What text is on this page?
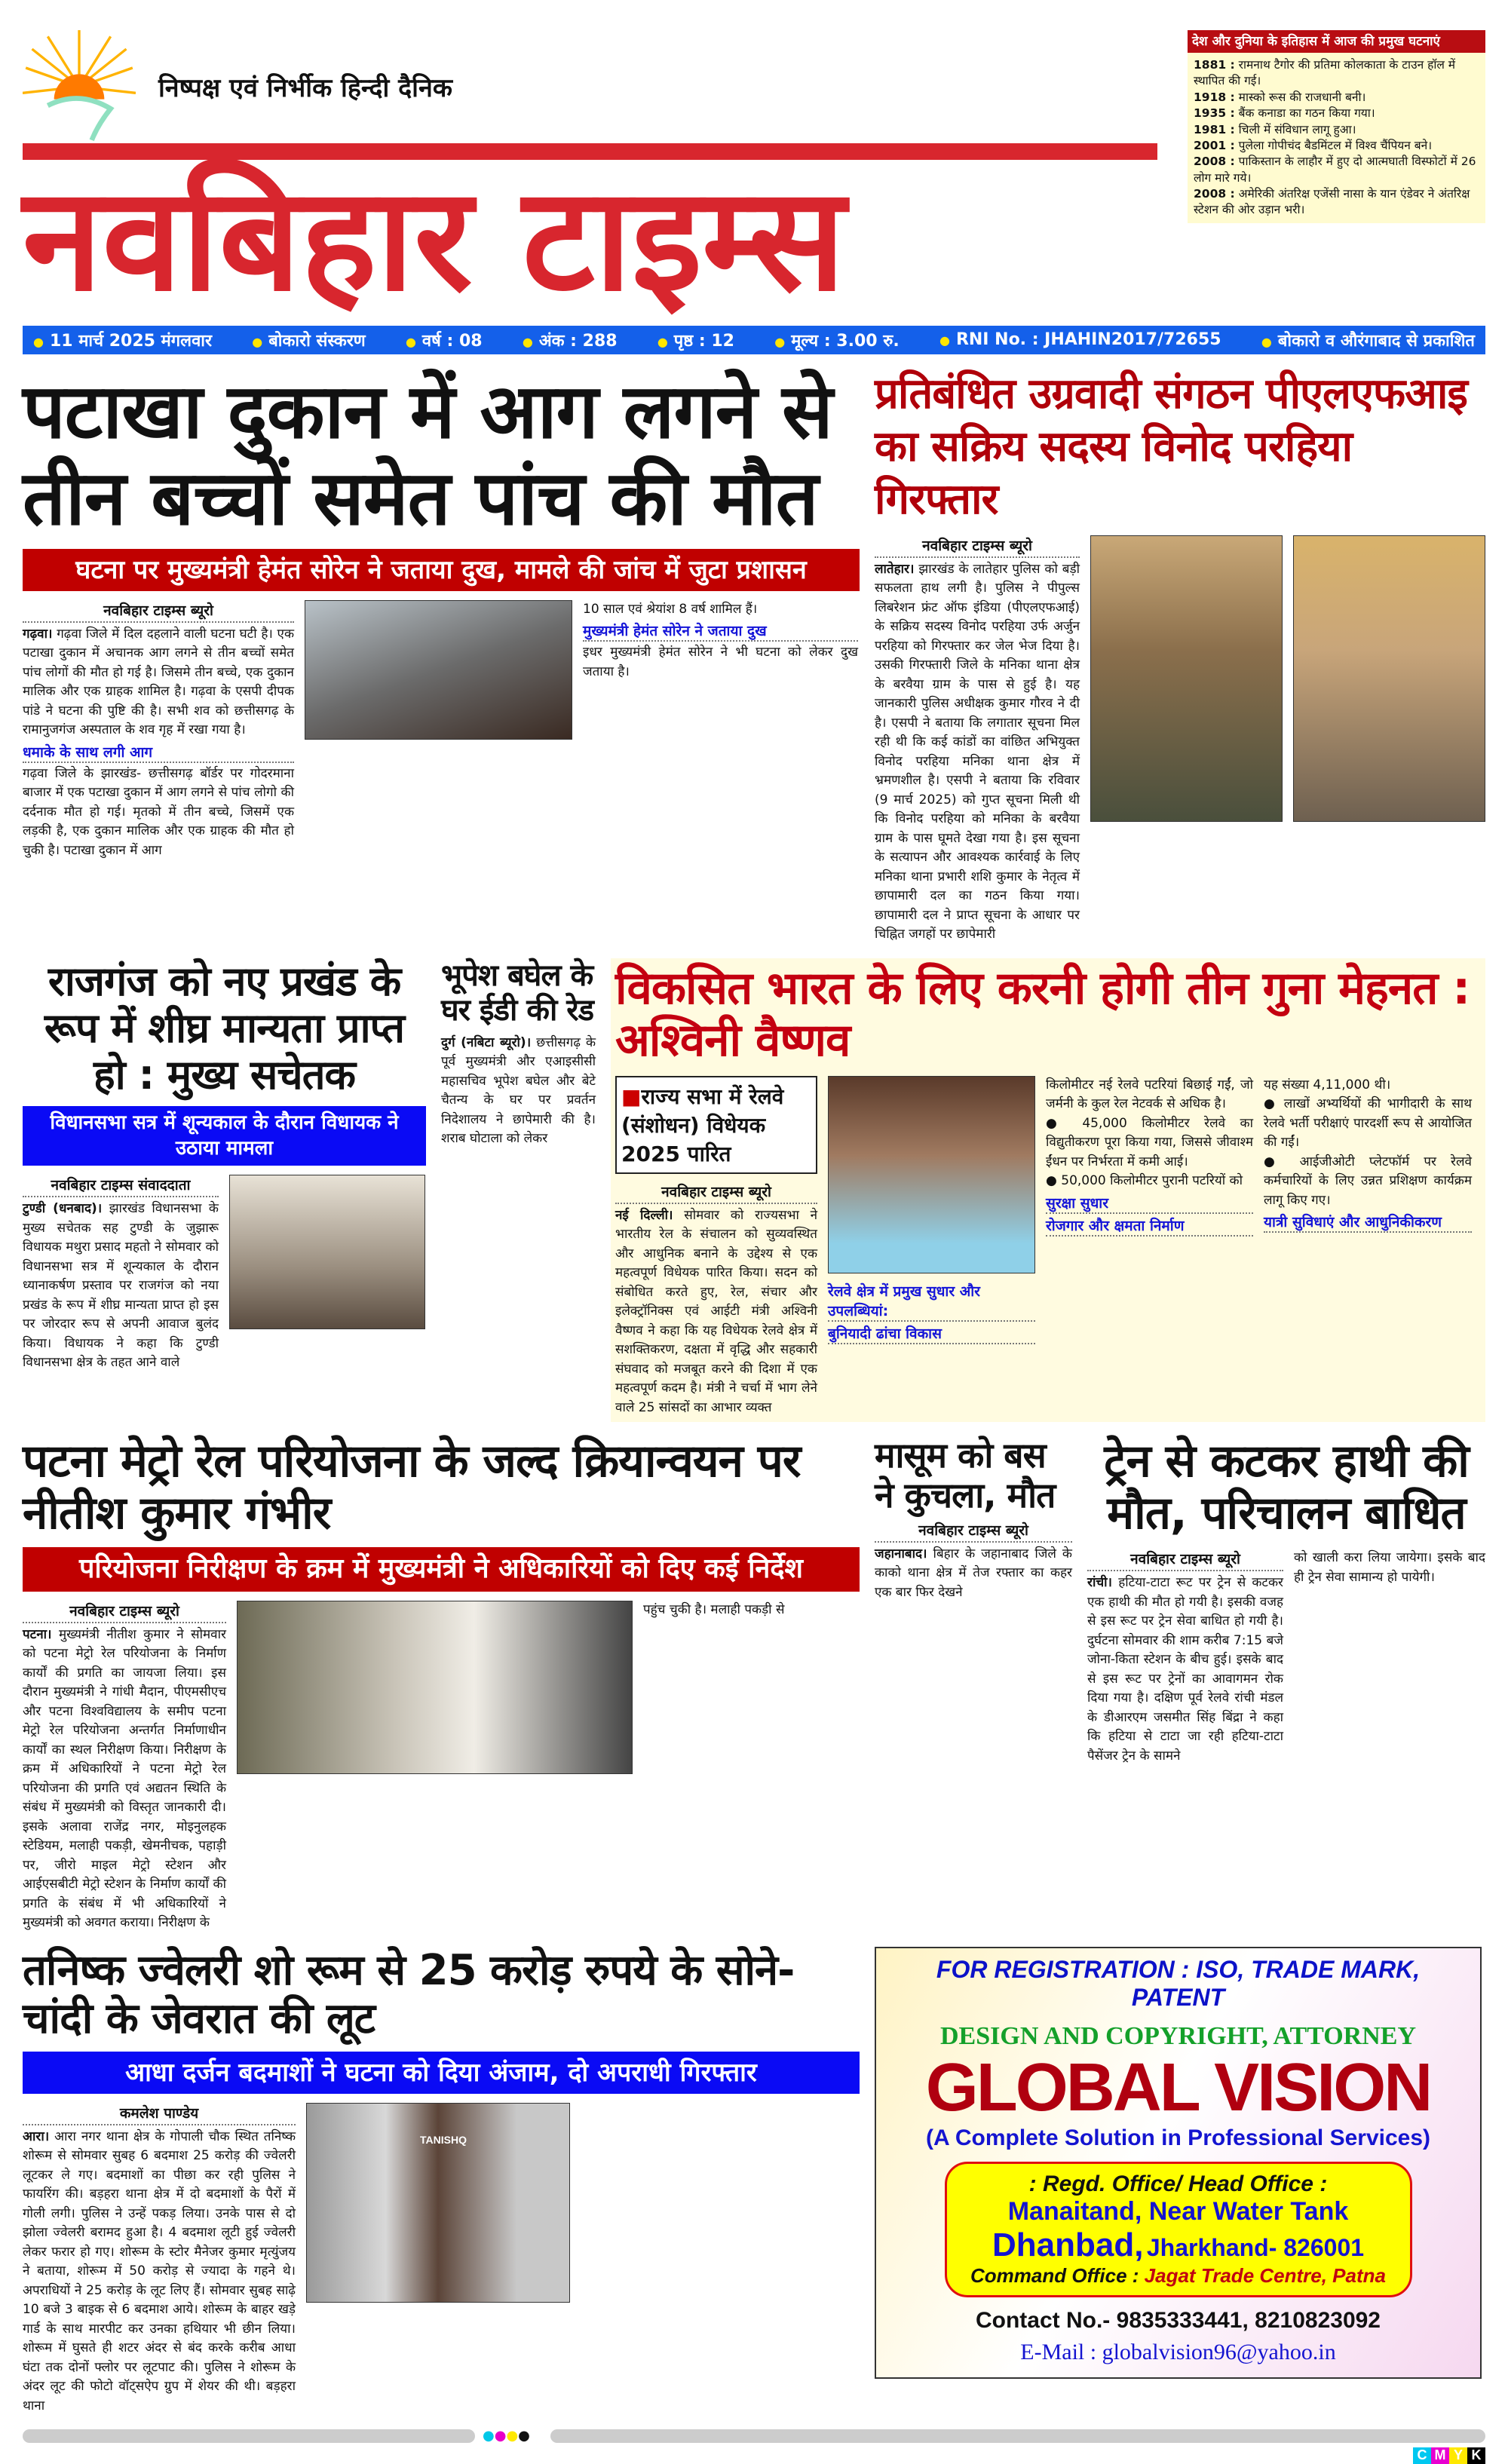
निष्पक्ष एवं निर्भीक हिन्दी दैनिक
नवबिहार टाइम्स
देश और दुनिया के इतिहास में आज की प्रमुख घटनाएं
1881 : रामनाथ टैगोर की प्रतिमा कोलकाता के टाउन हॉल में स्थापित की गई।
1918 : मास्को रूस की राजधानी बनी।
1935 : बैंक कनाडा का गठन किया गया।
1981 : चिली में संविधान लागू हुआ।
2001 : पुलेला गोपीचंद बैडमिंटल में विश्व चैंपियन बने।
2008 : पाकिस्तान के लाहौर में हुए दो आत्मघाती विस्फोटों में 26 लोग मारे गये।
2008 : अमेरिकी अंतरिक्ष एजेंसी नासा के यान एंडेवर ने अंतरिक्ष स्टेशन की ओर उड़ान भरी।
● 11 मार्च 2025 मंगलवार	● बोकारो संस्करण	● वर्ष : 08	● अंक : 288	● पृष्ठ : 12	● मूल्य : 3.00 रु.	● RNI No. : JHAHIN2017/72655	● बोकारो व औरंगाबाद से प्रकाशित
पटाखा दुकान में आग लगने से
तीन बच्चों समेत पांच की मौत
घटना पर मुख्यमंत्री हेमंत सोरेन ने जताया दुख, मामले की जांच में जुटा प्रशासन
नवबिहार टाइम्स ब्यूरो

गढ़वा। गढ़वा जिले में दिल दहलाने वाली घटना घटी है। एक पटाखा दुकान में अचानक आग लगने से तीन बच्चों समेत पांच लोगों की मौत हो गई है। जिसमे तीन बच्चे, एक दुकान मालिक और एक ग्राहक शामिल है। गढ़वा के एसपी दीपक पांडे ने घटना की पुष्टि की है। सभी शव को छत्तीसगढ़ के रामानुजगंज अस्पताल के शव गृह में रखा गया है।

धमाके के साथ लगी आग

गढ़वा जिले के झारखंड- छत्तीसगढ़ बॉर्डर पर गोदरमाना बाजार में एक पटाखा दुकान में आग लगने से पांच लोगो की दर्दनाक मौत हो गई। मृतको में तीन बच्चे, जिसमें एक लड़की है, एक दुकान मालिक और एक ग्राहक की मौत हो चुकी है। पटाखा दुकान में आग

10 साल एवं श्रेयांश 8 वर्ष शामिल हैं।

मुख्यमंत्री हेमंत सोरेन ने जताया दुख

इधर मुख्यमंत्री हेमंत सोरेन ने भी घटना को लेकर दुख जताया है।

प्रतिबंधित उग्रवादी संगठन पीएलएफआइ का सक्रिय सदस्य विनोद परहिया गिरफ्तार
नवबिहार टाइम्स ब्यूरो

लातेहार। झारखंड के लातेहार पुलिस को बड़ी सफलता हाथ लगी है। पुलिस ने पीपुल्स लिबरेशन फ्रंट ऑफ इंडिया (पीएलएफआई) के सक्रिय सदस्य विनोद परहिया उर्फ अर्जुन परहिया को गिरफ्तार कर जेल भेज दिया है। उसकी गिरफ्तारी जिले के मनिका थाना क्षेत्र के बरवैया ग्राम के पास से हुई है। यह जानकारी पुलिस अधीक्षक कुमार गौरव ने दी है। एसपी ने बताया कि लगातार सूचना मिल रही थी कि कई कांडों का वांछित अभियुक्त विनोद परहिया मनिका थाना क्षेत्र में भ्रमणशील है। एसपी ने बताया कि रविवार (9 मार्च 2025) को गुप्त सूचना मिली थी कि विनोद परहिया को मनिका के बरवैया ग्राम के पास घूमते देखा गया है। इस सूचना के सत्यापन और आवश्यक कार्रवाई के लिए मनिका थाना प्रभारी शशि कुमार के नेतृत्व में छापामारी दल का गठन किया गया। छापामारी दल ने प्राप्त सूचना के आधार पर चिह्नित जगहों पर छापेमारी

राजगंज को नए प्रखंड के रूप में शीघ्र मान्यता प्राप्त हो : मुख्य सचेतक
विधानसभा सत्र में शून्यकाल के दौरान विधायक ने उठाया मामला
नवबिहार टाइम्स संवाददाता

टुण्डी (धनबाद)। झारखंड विधानसभा के मुख्य सचेतक सह टुण्डी के जुझारू विधायक मथुरा प्रसाद महतो ने सोमवार को विधानसभा सत्र में शून्यकाल के दौरान ध्यानाकर्षण प्रस्ताव पर राजगंज को नया प्रखंड के रूप में शीघ्र मान्यता प्राप्त हो इस पर जोरदार रूप से अपनी आवाज बुलंद किया। विधायक ने कहा कि टुण्डी विधानसभा क्षेत्र के तहत आने वाले

भूपेश बघेल के घर ईडी की रेड

दुर्ग (नबिटा ब्यूरो)। छत्तीसगढ़ के पूर्व मुख्यमंत्री और एआइसीसी महासचिव भूपेश बघेल और बेटे चैतन्य के घर पर प्रवर्तन निदेशालय ने छापेमारी की है। शराब घोटाला को लेकर

विकसित भारत के लिए करनी होगी तीन गुना मेहनत : अश्विनी वैष्णव
■राज्य सभा में रेलवे (संशोधन) विधेयक 2025 पारित
नवबिहार टाइम्स ब्यूरो

नई दिल्ली। सोमवार को राज्यसभा ने भारतीय रेल के संचालन को सुव्यवस्थित और आधुनिक बनाने के उद्देश्य से एक महत्वपूर्ण विधेयक पारित किया। सदन को संबोधित करते हुए, रेल, संचार और इलेक्ट्रॉनिक्स एवं आईटी मंत्री अश्विनी वैष्णव ने कहा कि यह विधेयक रेलवे क्षेत्र में सशक्तिकरण, दक्षता में वृद्धि और सहकारी संघवाद को मजबूत करने की दिशा में एक महत्वपूर्ण कदम है। मंत्री ने चर्चा में भाग लेने वाले 25 सांसदों का आभार व्यक्त

रेलवे क्षेत्र में प्रमुख सुधार और उपलब्धियां:
बुनियादी ढांचा विकास

किलोमीटर नई रेलवे पटरियां बिछाई गईं, जो जर्मनी के कुल रेल नेटवर्क से अधिक है।

● 45,000 किलोमीटर रेलवे का विद्युतीकरण पूरा किया गया, जिससे जीवाश्म ईंधन पर निर्भरता में कमी आई।

● 50,000 किलोमीटर पुरानी पटरियों को

सुरक्षा सुधार
रोजगार और क्षमता निर्माण

यह संख्या 4,11,000 थी।

● लाखों अभ्यर्थियों की भागीदारी के साथ रेलवे भर्ती परीक्षाएं पारदर्शी रूप से आयोजित की गईं।

● आईजीओटी प्लेटफॉर्म पर रेलवे कर्मचारियों के लिए उन्नत प्रशिक्षण कार्यक्रम लागू किए गए।

यात्री सुविधाएं और आधुनिकीकरण
पटना मेट्रो रेल परियोजना के जल्द क्रियान्वयन पर नीतीश कुमार गंभीर
परियोजना निरीक्षण के क्रम में मुख्यमंत्री ने अधिकारियों को दिए कई निर्देश
नवबिहार टाइम्स ब्यूरो

पटना। मुख्यमंत्री नीतीश कुमार ने सोमवार को पटना मेट्रो रेल परियोजना के निर्माण कार्यों की प्रगति का जायजा लिया। इस दौरान मुख्यमंत्री ने गांधी मैदान, पीएमसीएच और पटना विश्वविद्यालय के समीप पटना मेट्रो रेल परियोजना अन्तर्गत निर्माणाधीन कार्यों का स्थल निरीक्षण किया। निरीक्षण के क्रम में अधिकारियों ने पटना मेट्रो रेल परियोजना की प्रगति एवं अद्यतन स्थिति के संबंध में मुख्यमंत्री को विस्तृत जानकारी दी। इसके अलावा राजेंद्र नगर, मोइनुलहक स्टेडियम, मलाही पकड़ी, खेमनीचक, पहाड़ी पर, जीरो माइल मेट्रो स्टेशन और आईएसबीटी मेट्रो स्टेशन के निर्माण कार्यों की प्रगति के संबंध में भी अधिकारियों ने मुख्यमंत्री को अवगत कराया। निरीक्षण के

पहुंच चुकी है। मलाही पकड़ी से

मासूम को बस ने कुचला, मौत
नवबिहार टाइम्स ब्यूरो

जहानाबाद। बिहार के जहानाबाद जिले के काको थाना क्षेत्र में तेज रफ्तार का कहर एक बार फिर देखने

ट्रेन से कटकर हाथी की मौत, परिचालन बाधित
नवबिहार टाइम्स ब्यूरो

रांची। हटिया-टाटा रूट पर ट्रेन से कटकर एक हाथी की मौत हो गयी है। इसकी वजह से इस रूट पर ट्रेन सेवा बाधित हो गयी है। दुर्घटना सोमवार की शाम करीब 7:15 बजे जोना-किता स्टेशन के बीच हुई। इसके बाद से इस रूट पर ट्रेनों का आवागमन रोक दिया गया है। दक्षिण पूर्व रेलवे रांची मंडल के डीआरएम जसमीत सिंह बिंद्रा ने कहा कि हटिया से टाटा जा रही हटिया-टाटा पैसेंजर ट्रेन के सामने

को खाली करा लिया जायेगा। इसके बाद ही ट्रेन सेवा सामान्य हो पायेगी।

तनिष्क ज्वेलरी शो रूम से 25 करोड़ रुपये के सोने-चांदी के जेवरात की लूट
आधा दर्जन बदमाशों ने घटना को दिया अंजाम, दो अपराधी गिरफ्तार
कमलेश पाण्डेय

आरा। आरा नगर थाना क्षेत्र के गोपाली चौक स्थित तनिष्क शोरूम से सोमवार सुबह 6 बदमाश 25 करोड़ की ज्वेलरी लूटकर ले गए। बदमाशों का पीछा कर रही पुलिस ने फायरिंग की। बड़हरा थाना क्षेत्र में दो बदमाशों के पैरों में गोली लगी। पुलिस ने उन्हें पकड़ लिया। उनके पास से दो झोला ज्वेलरी बरामद हुआ है। 4 बदमाश लूटी हुई ज्वेलरी लेकर फरार हो गए। शोरूम के स्टोर मैनेजर कुमार मृत्युंजय ने बताया, शोरूम में 50 करोड़ से ज्यादा के गहने थे। अपराधियों ने 25 करोड़ के लूट लिए हैं। सोमवार सुबह साढ़े 10 बजे 3 बाइक से 6 बदमाश आये। शोरूम के बाहर खड़े गार्ड के साथ मारपीट कर उनका हथियार भी छीन लिया। शोरूम में घुसते ही शटर अंदर से बंद करके करीब आधा घंटा तक दोनों फ्लोर पर लूटपाट की। पुलिस ने शोरूम के अंदर लूट की फोटो वॉट्सऐप ग्रुप में शेयर की थी। बड़हरा थाना

TANISHQ
FOR REGISTRATION : ISO, TRADE MARK, PATENT
DESIGN AND COPYRIGHT, ATTORNEY
GLOBAL VISION
(A Complete Solution in Professional Services)
: Regd. Office/ Head Office :
Manaitand, Near Water Tank
Dhanbad, Jharkhand- 826001
Command Office : Jagat Trade Centre, Patna
Contact No.- 9835333441, 8210823092
E-Mail : globalvision96@yahoo.in
●●●●
C M Y K
